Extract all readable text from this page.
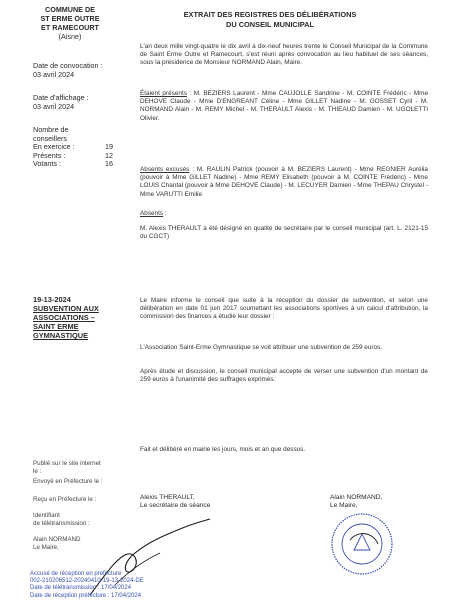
COMMUNE DE
ST ERME OUTRE
ET RAMECOURT
(Aisne)
EXTRAIT DES REGISTRES DES DÉLIBÉRATIONS
DU CONSEIL MUNICIPAL
Date de convocation :
03 avril 2024
Date d'affichage :
03 avril 2024
Nombre de
conseillers
En exercice :	19
Présents :	12
Votants :	16
L'an deux mille vingt-quatre le dix avril à dix-neuf heures trente le Conseil Municipal de la Commune de Saint Erme Outre et Ramecourt, s'est réuni après convocation au lieu habituel de ses séances, sous la présidence de Monsieur NORMAND Alain, Maire.
Étaient présents : M. BEZIERS Laurent - Mme CAUJOLLE Sandrine - M. COINTE Frédéric - Mme DEHOVE Claude - Mme D'ENGREANT Céline - Mme GILLET Nadine - M. GOSSET Cyril - M. NORMAND Alain - M. REMY Michel - M. THERAULT Alexis - M. THIEAUD Damien - M. UGOLETTI Olivier.
Absents excusés : M. RAULIN Patrick (pouvoir à M. BEZIERS Laurent) - Mme REGNIER Aurélia (pouvoir à Mme GILLET Nadine) - Mme REMY Elisabeth (pouvoir à M. COINTE Frédéric) - Mme LOUIS Chantal (pouvoir à Mme DEHOVE Claude) - M. LECUYER Damien - Mme THEPAU Chrystel - Mme VARUTTI Emilie
Absents :
M. Alexis THERAULT a été désigné en qualité de secrétaire par le conseil municipal (art. L. 2121-15 du CGCT)
19-13-2024
SUBVENTION AUX
ASSOCIATIONS –
SAINT ERME
GYMNASTIQUE
Le Maire informe le conseil que suite à la réception du dossier de subvention, et selon une délibération en date 01 juin 2017 soumettant les associations sportives à un calcul d'attribution, la commission des finances a étudié leur dossier :
L'Association Saint-Erme Gymnastique se voit attribuer une subvention de 259 euros.
Après étude et discussion, le conseil municipal accepte de verser une subvention d'un montant de 259 euros à l'unanimité des suffrages exprimés.
Fait et délibéré en mairie les jours, mois et an que dessus.
Publié sur le site internet
le :
Envoyé en Préfecture le :
Reçu en Préfecture le :
Identifiant
de télétransmission :
Alain NORMAND
Le Maire,
Alexis THERAULT,
Le secrétaire de séance
Alain NORMAND,
Le Maire,
Accusé de réception en préfecture
002-210206512-20240410-19-13-2024-DE
Date de télétransmission : 17/04/2024
Date de réception préfecture : 17/04/2024
